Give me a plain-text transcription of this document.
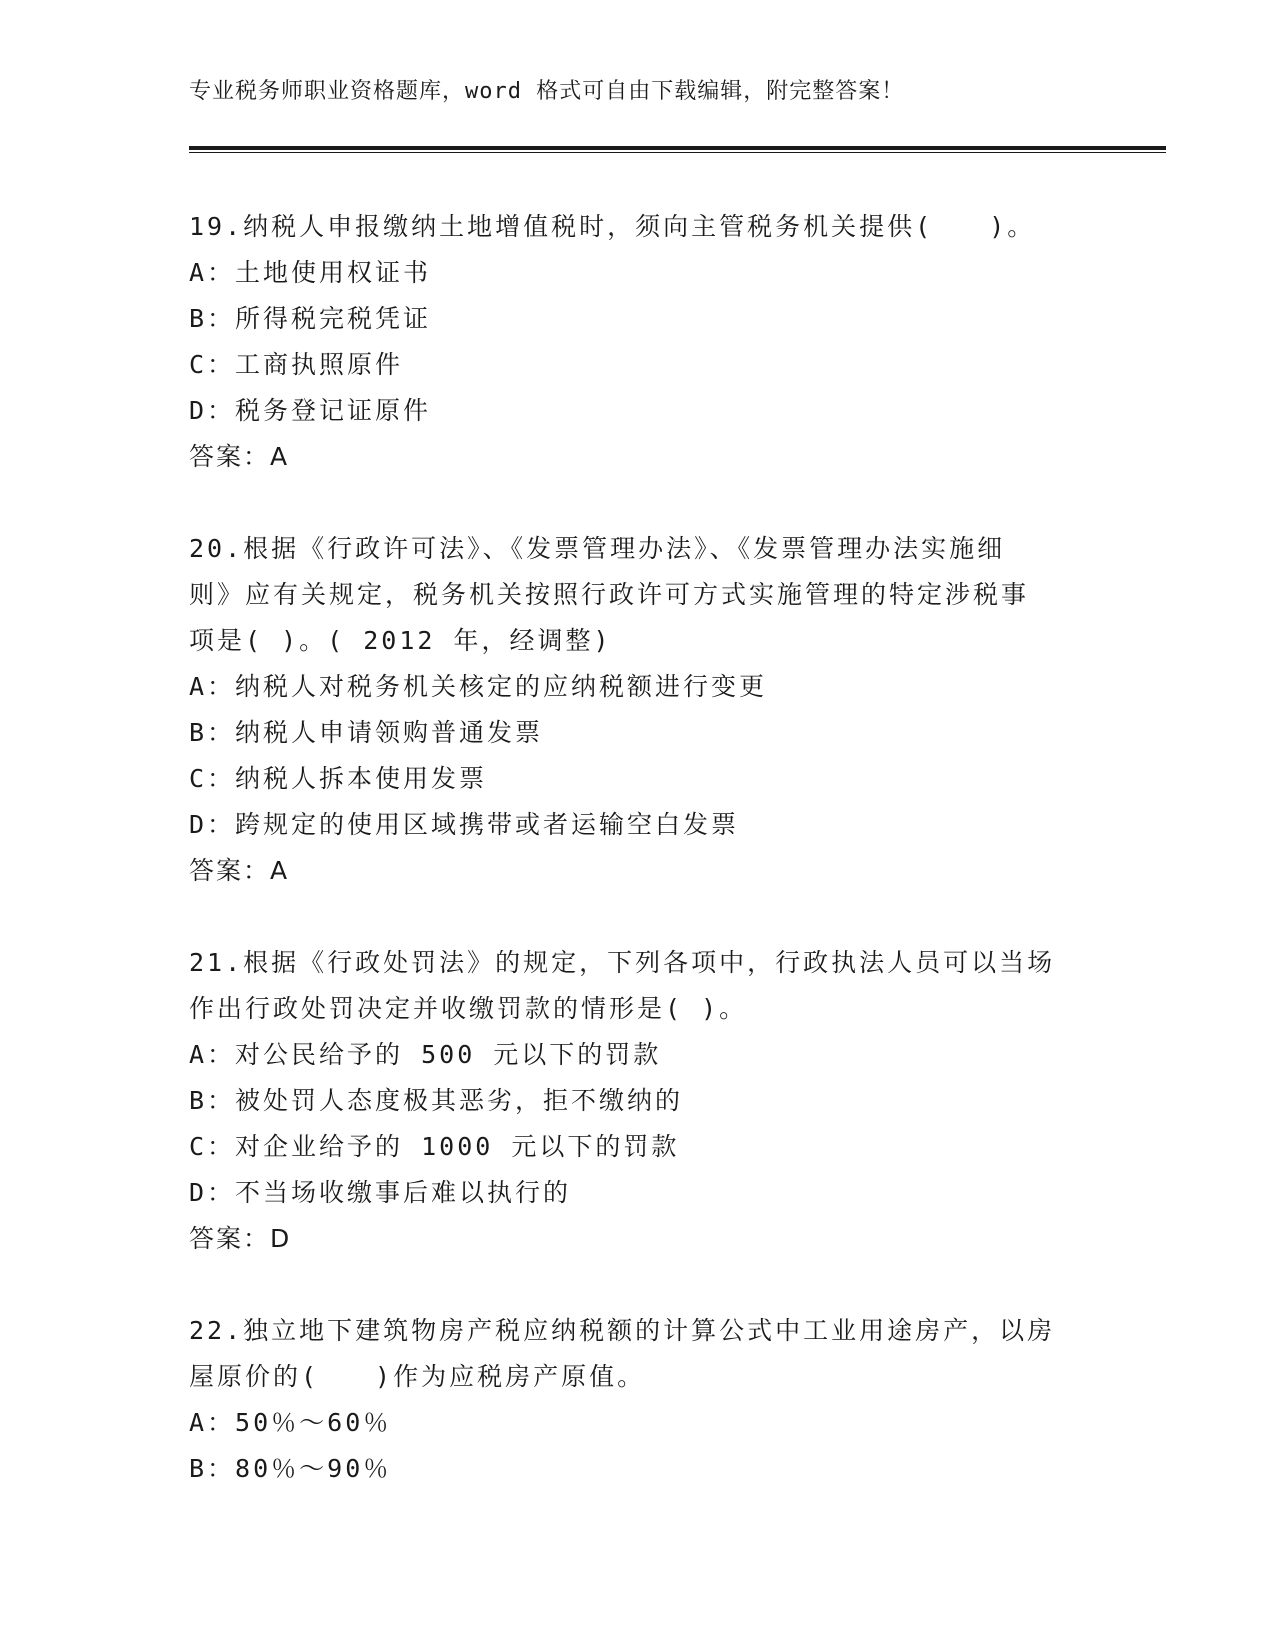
专业税务师职业资格题库，word 格式可自由下载编辑，附完整答案！
19.纳税人申报缴纳土地增值税时，须向主管税务机关提供(　　)。
A：土地使用权证书
B：所得税完税凭证
C：工商执照原件
D：税务登记证原件
答案：A
20.根据《行政许可法》、《发票管理办法》、《发票管理办法实施细
则》应有关规定，税务机关按照行政许可方式实施管理的特定涉税事
项是( )。( 2012 年，经调整)
A：纳税人对税务机关核定的应纳税额进行变更
B：纳税人申请领购普通发票
C：纳税人拆本使用发票
D：跨规定的使用区域携带或者运输空白发票
答案：A
21.根据《行政处罚法》的规定，下列各项中，行政执法人员可以当场
作出行政处罚决定并收缴罚款的情形是( )。
A：对公民给予的 500 元以下的罚款
B：被处罚人态度极其恶劣，拒不缴纳的
C：对企业给予的 1000 元以下的罚款
D：不当场收缴事后难以执行的
答案：D
22.独立地下建筑物房产税应纳税额的计算公式中工业用途房产，以房
屋原价的(　　)作为应税房产原值。
A：50％～60％
B：80％～90％
